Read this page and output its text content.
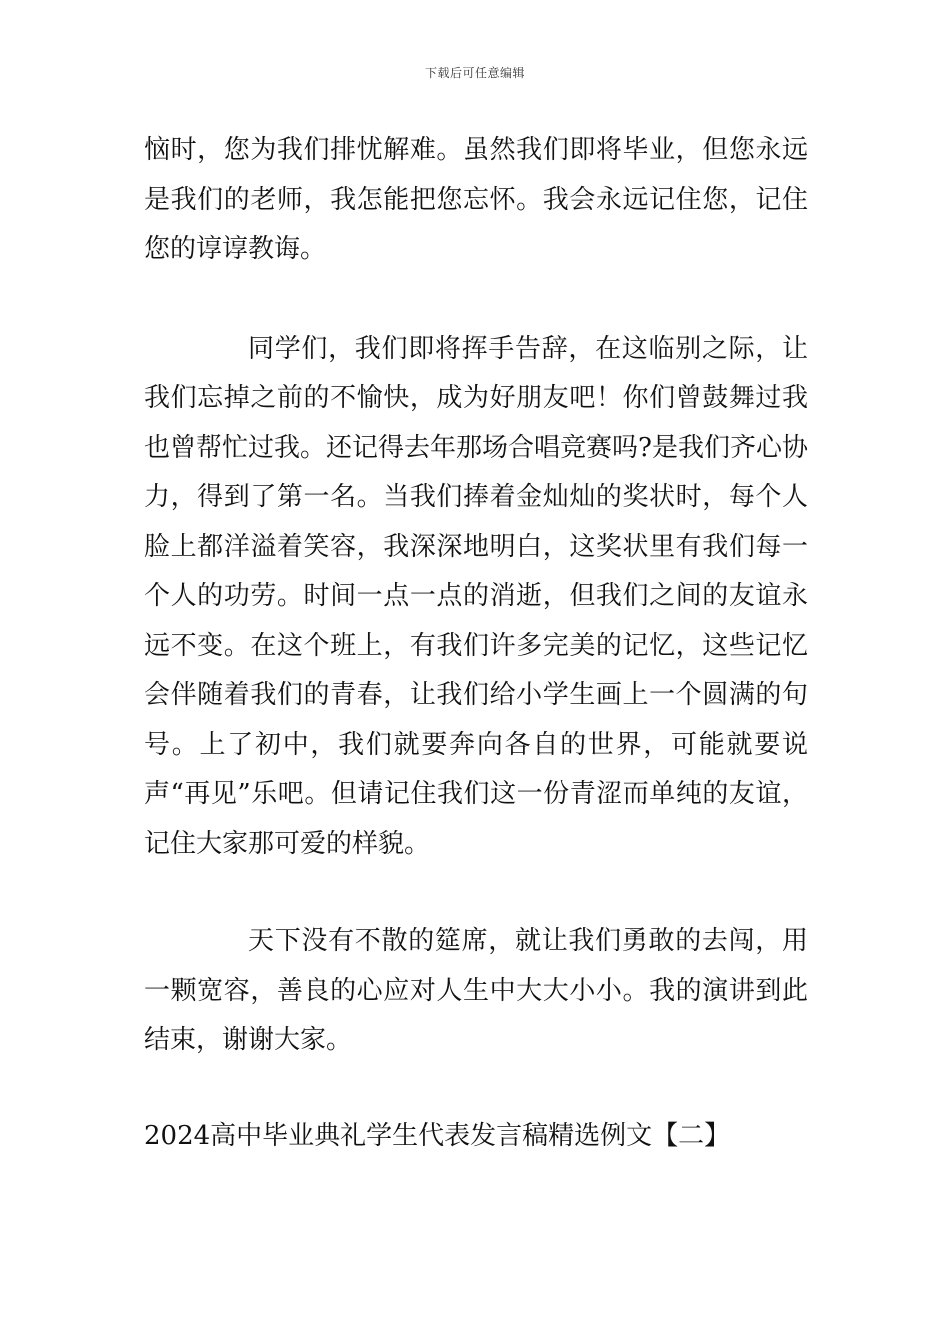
下载后可任意编辑

恼时，您为我们排忧解难。虽然我们即将毕业，但您永远是我们的老师，我怎能把您忘怀。我会永远记住您，记住您的谆谆教诲。

同学们，我们即将挥手告辞，在这临别之际，让我们忘掉之前的不愉快，成为好朋友吧！你们曾鼓舞过我也曾帮忙过我。还记得去年那场合唱竞赛吗?是我们齐心协力，得到了第一名。当我们捧着金灿灿的奖状时，每个人脸上都洋溢着笑容，我深深地明白，这奖状里有我们每一个人的功劳。时间一点一点的消逝，但我们之间的友谊永远不变。在这个班上，有我们许多完美的记忆，这些记忆会伴随着我们的青春，让我们给小学生画上一个圆满的句号。上了初中，我们就要奔向各自的世界，可能就要说声“再见”乐吧。但请记住我们这一份青涩而单纯的友谊，记住大家那可爱的样貌。

天下没有不散的筵席，就让我们勇敢的去闯，用一颗宽容，善良的心应对人生中大大小小。我的演讲到此结束，谢谢大家。

2024高中毕业典礼学生代表发言稿精选例文【二】
